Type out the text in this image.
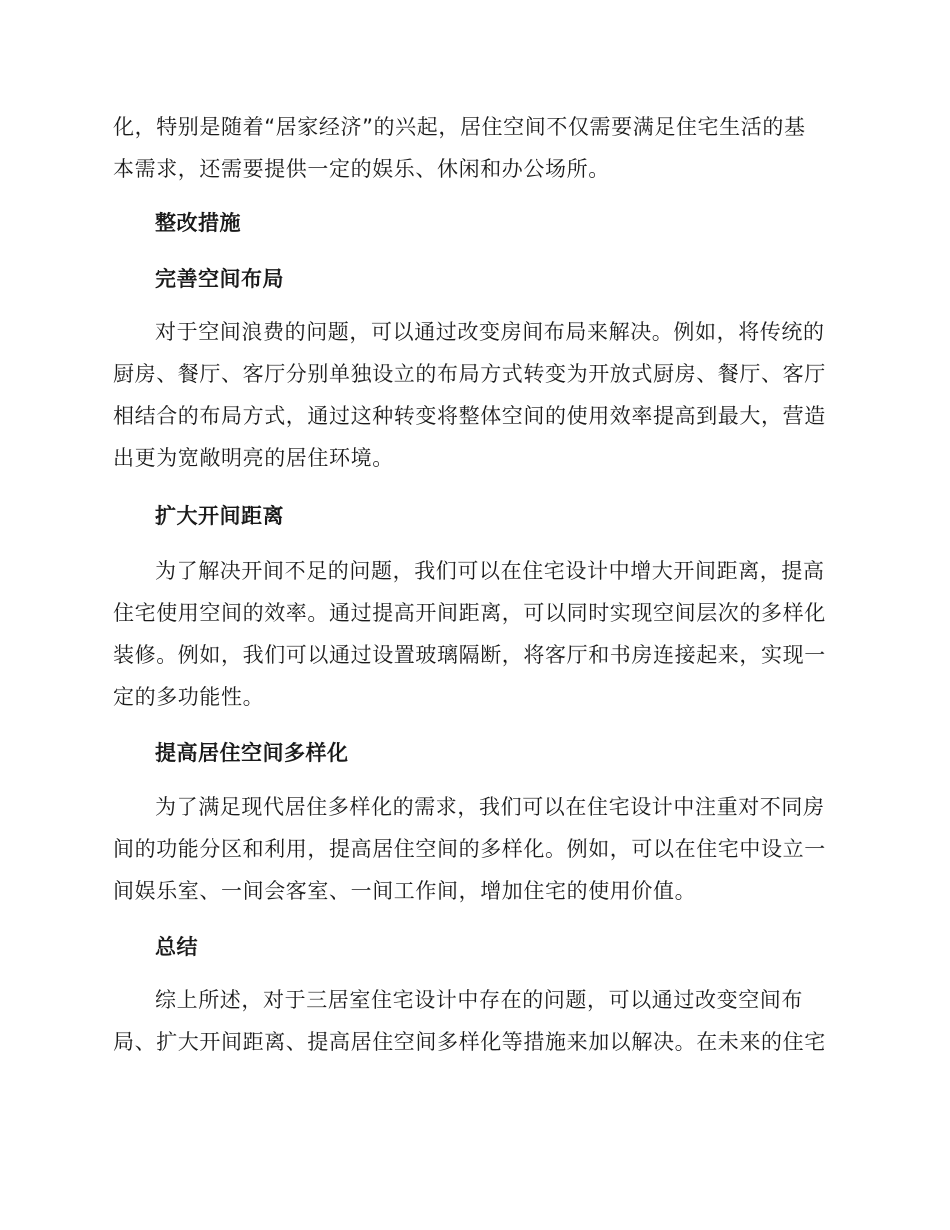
化，特别是随着“居家经济”的兴起，居住空间不仅需要满足住宅生活的基
本需求，还需要提供一定的娱乐、休闲和办公场所。

整改措施
完善空间布局

对于空间浪费的问题，可以通过改变房间布局来解决。例如，将传统的
厨房、餐厅、客厅分别单独设立的布局方式转变为开放式厨房、餐厅、客厅
相结合的布局方式，通过这种转变将整体空间的使用效率提高到最大，营造
出更为宽敞明亮的居住环境。

扩大开间距离

为了解决开间不足的问题，我们可以在住宅设计中增大开间距离，提高
住宅使用空间的效率。通过提高开间距离，可以同时实现空间层次的多样化
装修。例如，我们可以通过设置玻璃隔断，将客厅和书房连接起来，实现一
定的多功能性。

提高居住空间多样化

为了满足现代居住多样化的需求，我们可以在住宅设计中注重对不同房
间的功能分区和利用，提高居住空间的多样化。例如，可以在住宅中设立一
间娱乐室、一间会客室、一间工作间，增加住宅的使用价值。

总结

综上所述，对于三居室住宅设计中存在的问题，可以通过改变空间布
局、扩大开间距离、提高居住空间多样化等措施来加以解决。在未来的住宅
